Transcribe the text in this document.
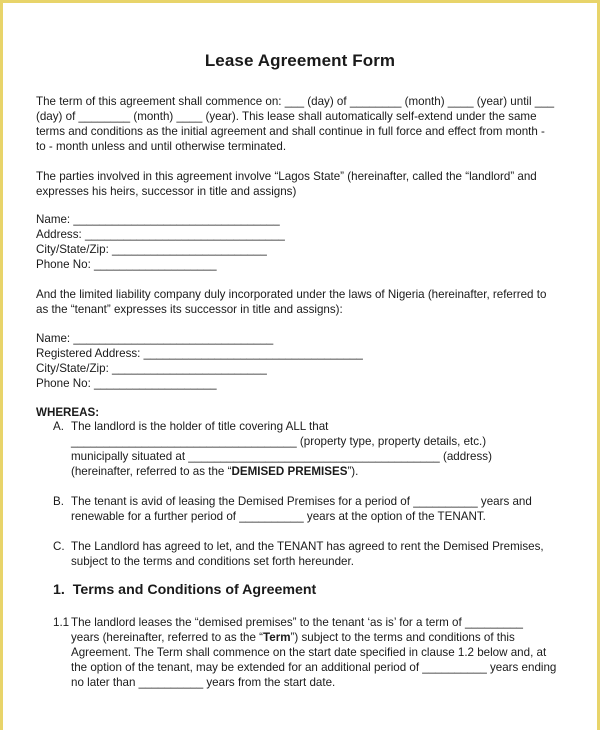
Lease Agreement Form
The term of this agreement shall commence on: ___ (day) of ________ (month) ____ (year) until ___
(day) of ________ (month) ____ (year). This lease shall automatically self-extend under the same
terms and conditions as the initial agreement and shall continue in full force and effect from month -
to - month unless and until otherwise terminated.
The parties involved in this agreement involve “Lagos State” (hereinafter, called the “landlord” and
expresses his heirs, successor in title and assigns)
Name: ________________________________
Address: _______________________________
City/State/Zip: ________________________
Phone No: ___________________
And the limited liability company duly incorporated under the laws of Nigeria (hereinafter, referred to
as the “tenant” expresses its successor in title and assigns):
Name: _______________________________
Registered Address: __________________________________
City/State/Zip: ________________________
Phone No: ___________________
WHEREAS:
A. The landlord is the holder of title covering ALL that
___________________________________ (property type, property details, etc.)
municipally situated at _______________________________________ (address)
(hereinafter, referred to as the “DEMISED PREMISES”).
B. The tenant is avid of leasing the Demised Premises for a period of __________ years and
renewable for a further period of __________ years at the option of the TENANT.
C. The Landlord has agreed to let, and the TENANT has agreed to rent the Demised Premises,
subject to the terms and conditions set forth hereunder.
1.  Terms and Conditions of Agreement
1.1 The landlord leases the “demised premises” to the tenant ‘as is’ for a term of _________
years (hereinafter, referred to as the “Term”) subject to the terms and conditions of this
Agreement. The Term shall commence on the start date specified in clause 1.2 below and, at
the option of the tenant, may be extended for an additional period of __________ years ending
no later than __________ years from the start date.
